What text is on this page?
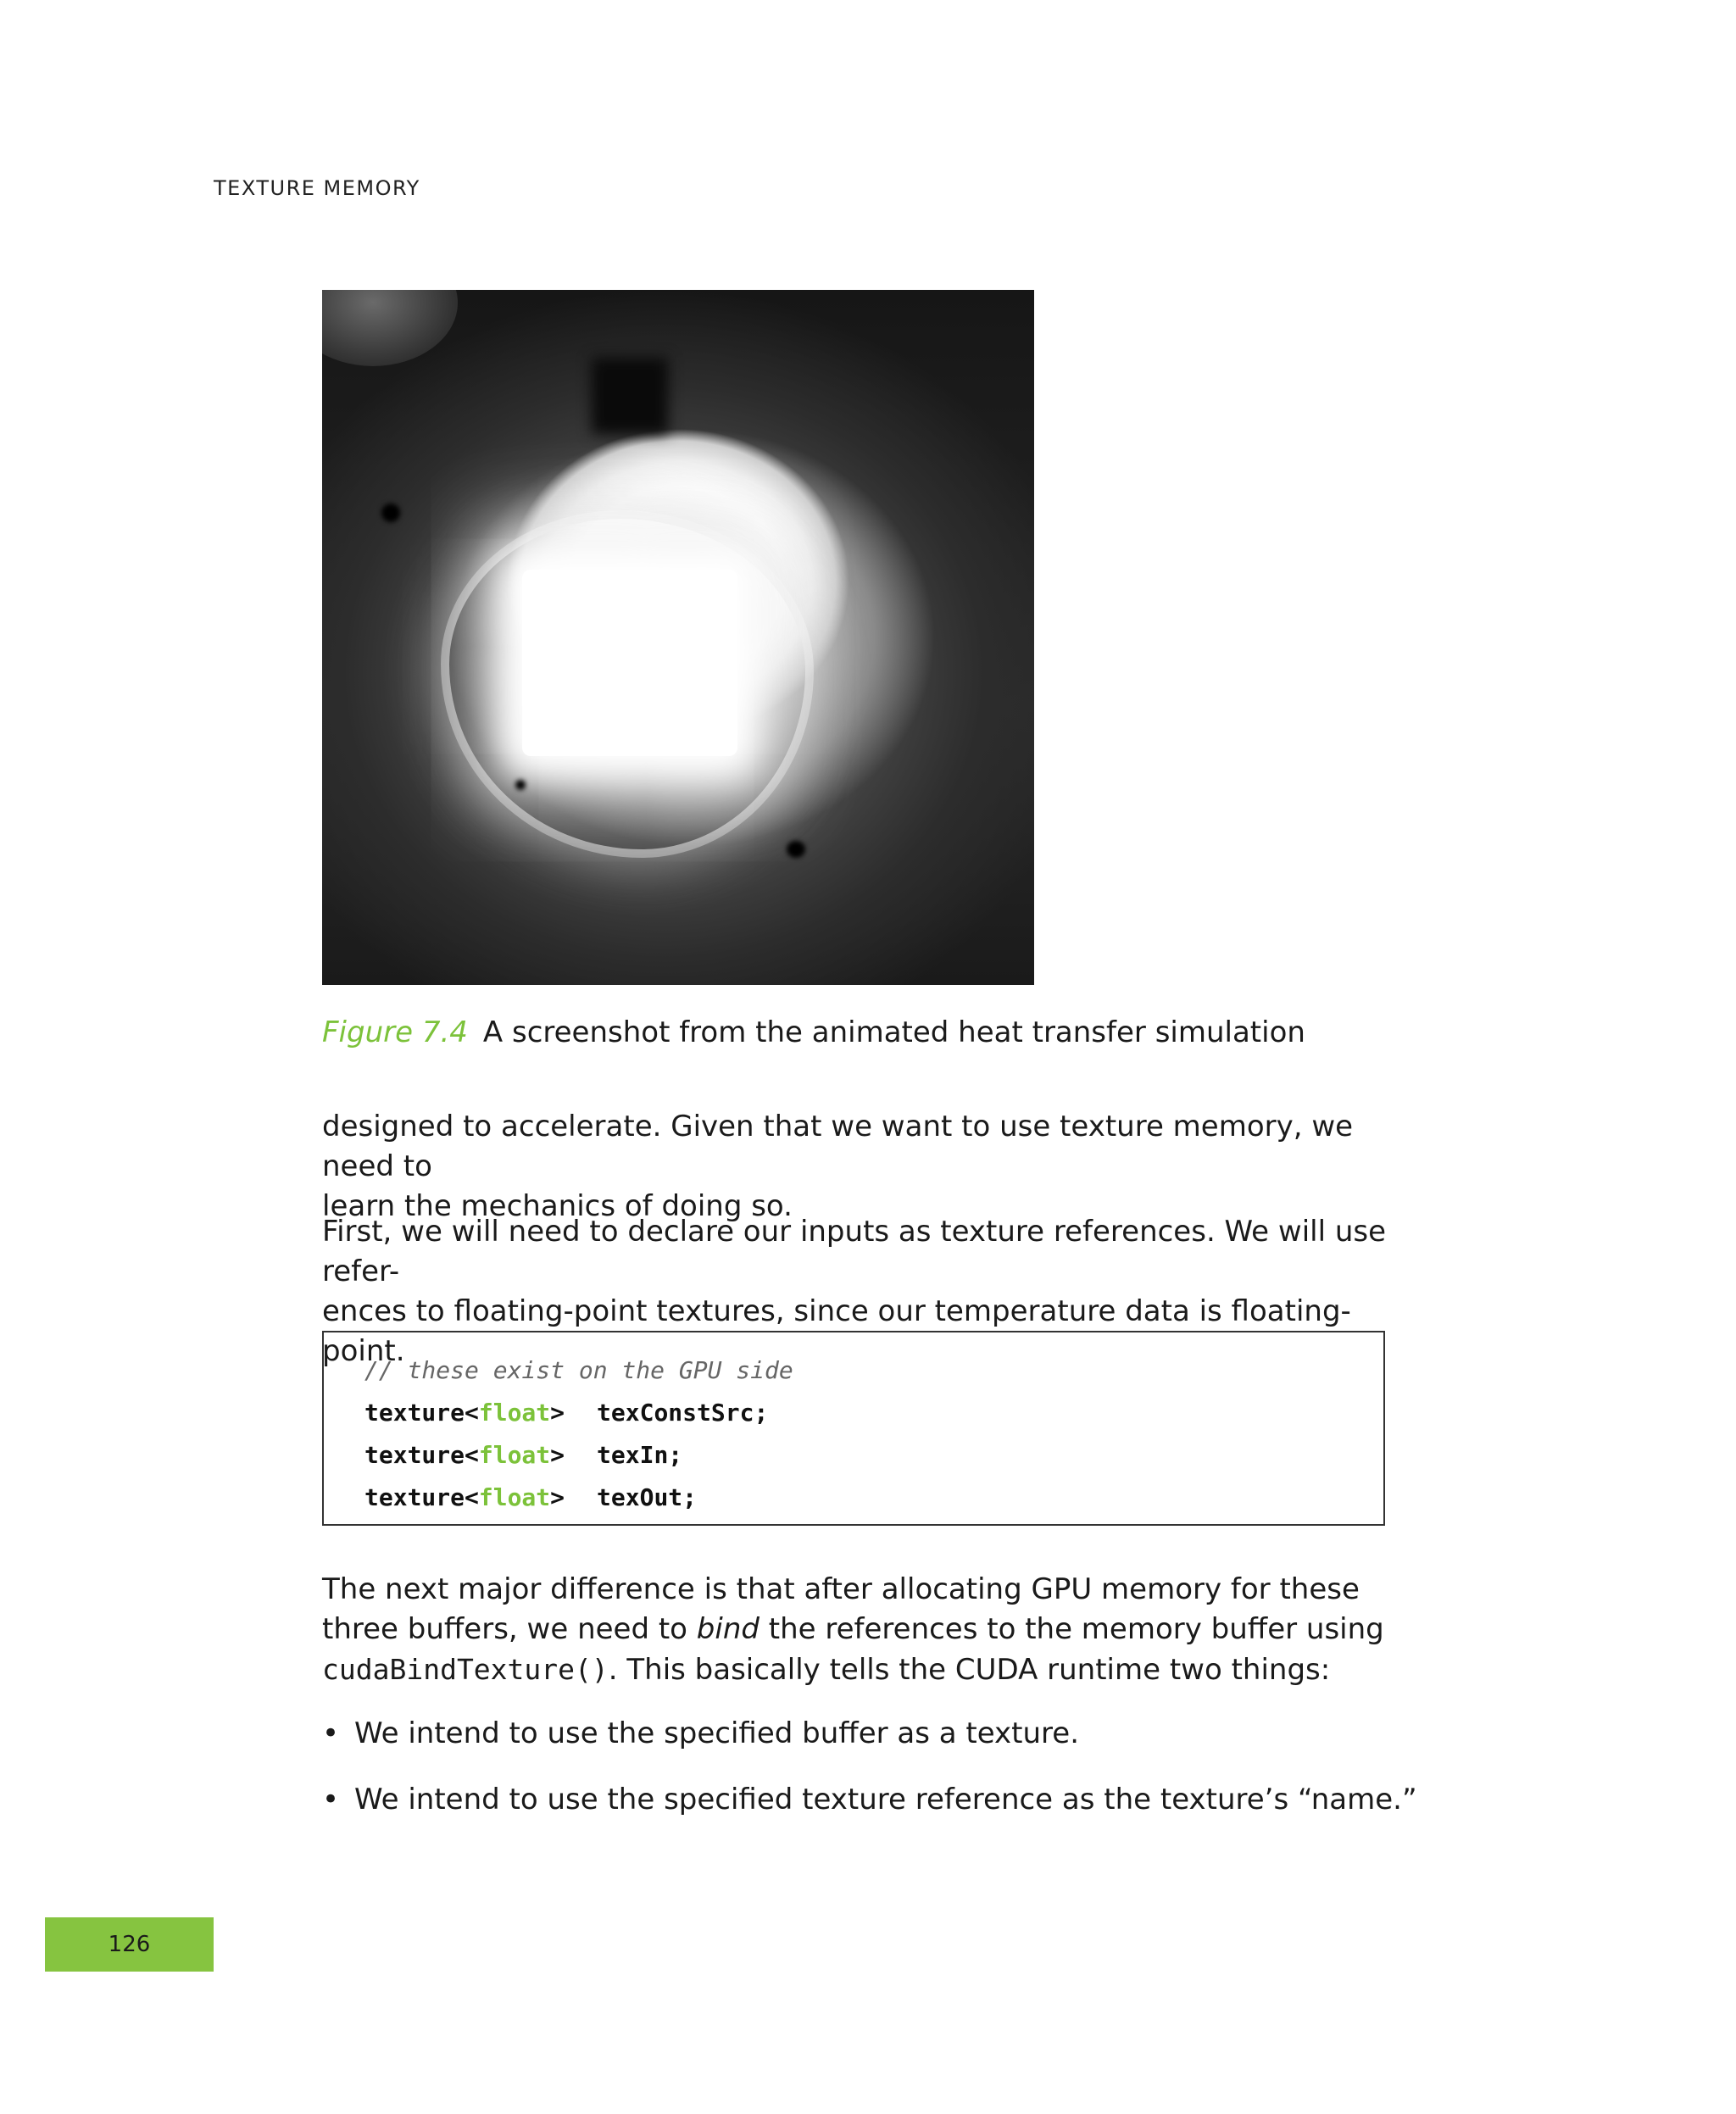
TEXTURE MEMORY
Figure 7.4 A screenshot from the animated heat transfer simulation

designed to accelerate. Given that we want to use texture memory, we need to

learn the mechanics of doing so.

First, we will need to declare our inputs as texture references. We will use refer-

ences to floating-point textures, since our temperature data is floating-point.

// these exist on the GPU side
texture<float> texConstSrc;
texture<float> texIn;
texture<float> texOut;

The next major difference is that after allocating GPU memory for these

three buffers, we need to bind the references to the memory buffer using

cudaBindTexture(). This basically tells the CUDA runtime two things:

• We intend to use the specified buffer as a texture.
• We intend to use the specified texture reference as the texture’s “name.”
126
